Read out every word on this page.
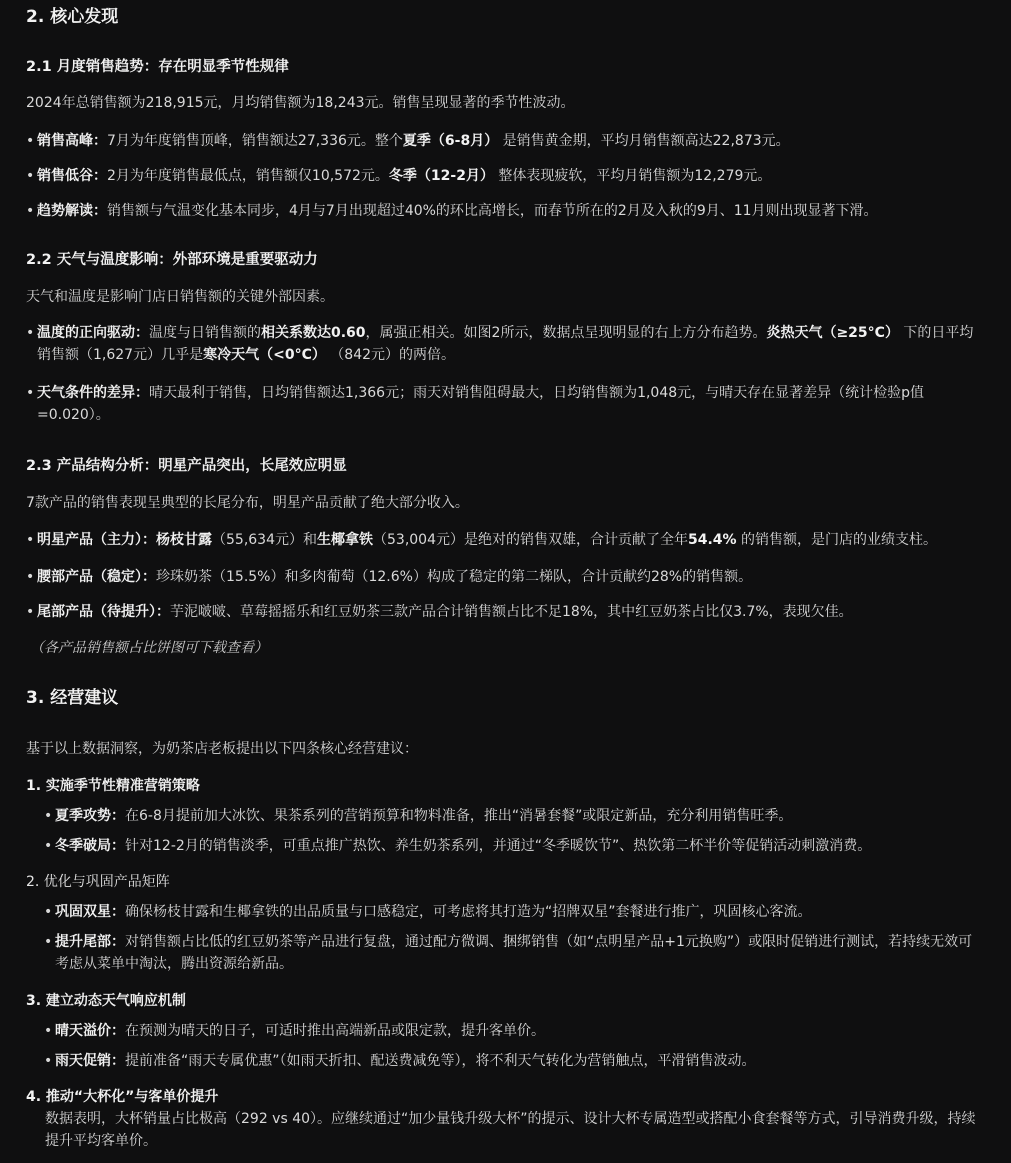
2. 核心发现
2.1 月度销售趋势：存在明显季节性规律
2024年总销售额为218,915元，月均销售额为18,243元。销售呈现显著的季节性波动。
• 销售高峰：7月为年度销售顶峰，销售额达27,336元。整个夏季（6-8月） 是销售黄金期，平均月销售额高达22,873元。
• 销售低谷：2月为年度销售最低点，销售额仅10,572元。冬季（12-2月） 整体表现疲软，平均月销售额为12,279元。
• 趋势解读：销售额与气温变化基本同步，4月与7月出现超过40%的环比高增长，而春节所在的2月及入秋的9月、11月则出现显著下滑。
2.2 天气与温度影响：外部环境是重要驱动力
天气和温度是影响门店日销售额的关键外部因素。
• 温度的正向驱动：温度与日销售额的相关系数达0.60，属强正相关。如图2所示，数据点呈现明显的右上方分布趋势。炎热天气（≥25°C） 下的日平均销售额（1,627元）几乎是寒冷天气（<0°C） （842元）的两倍。
• 天气条件的差异：晴天最利于销售，日均销售额达1,366元；雨天对销售阻碍最大，日均销售额为1,048元，与晴天存在显著差异（统计检验p值=0.020）。
2.3 产品结构分析：明星产品突出，长尾效应明显
7款产品的销售表现呈典型的长尾分布，明星产品贡献了绝大部分收入。
• 明星产品（主力）：杨枝甘露（55,634元）和生椰拿铁（53,004元）是绝对的销售双雄，合计贡献了全年54.4% 的销售额，是门店的业绩支柱。
• 腰部产品（稳定）：珍珠奶茶（15.5%）和多肉葡萄（12.6%）构成了稳定的第二梯队，合计贡献约28%的销售额。
• 尾部产品（待提升）：芋泥啵啵、草莓摇摇乐和红豆奶茶三款产品合计销售额占比不足18%，其中红豆奶茶占比仅3.7%，表现欠佳。
（各产品销售额占比饼图可下载查看）
3. 经营建议
基于以上数据洞察，为奶茶店老板提出以下四条核心经营建议：
1. 实施季节性精准营销策略
• 夏季攻势：在6-8月提前加大冰饮、果茶系列的营销预算和物料准备，推出“消暑套餐”或限定新品，充分利用销售旺季。
• 冬季破局：针对12-2月的销售淡季，可重点推广热饮、养生奶茶系列，并通过“冬季暖饮节”、热饮第二杯半价等促销活动刺激消费。
2. 优化与巩固产品矩阵
• 巩固双星：确保杨枝甘露和生椰拿铁的出品质量与口感稳定，可考虑将其打造为“招牌双星”套餐进行推广，巩固核心客流。
• 提升尾部：对销售额占比低的红豆奶茶等产品进行复盘，通过配方微调、捆绑销售（如“点明星产品+1元换购”）或限时促销进行测试，若持续无效可考虑从菜单中淘汰，腾出资源给新品。
3. 建立动态天气响应机制
• 晴天溢价：在预测为晴天的日子，可适时推出高端新品或限定款，提升客单价。
• 雨天促销：提前准备“雨天专属优惠”（如雨天折扣、配送费减免等），将不利天气转化为营销触点，平滑销售波动。
4. 推动“大杯化”与客单价提升
数据表明，大杯销量占比极高（292 vs 40）。应继续通过“加少量钱升级大杯”的提示、设计大杯专属造型或搭配小食套餐等方式，引导消费升级，持续提升平均客单价。
